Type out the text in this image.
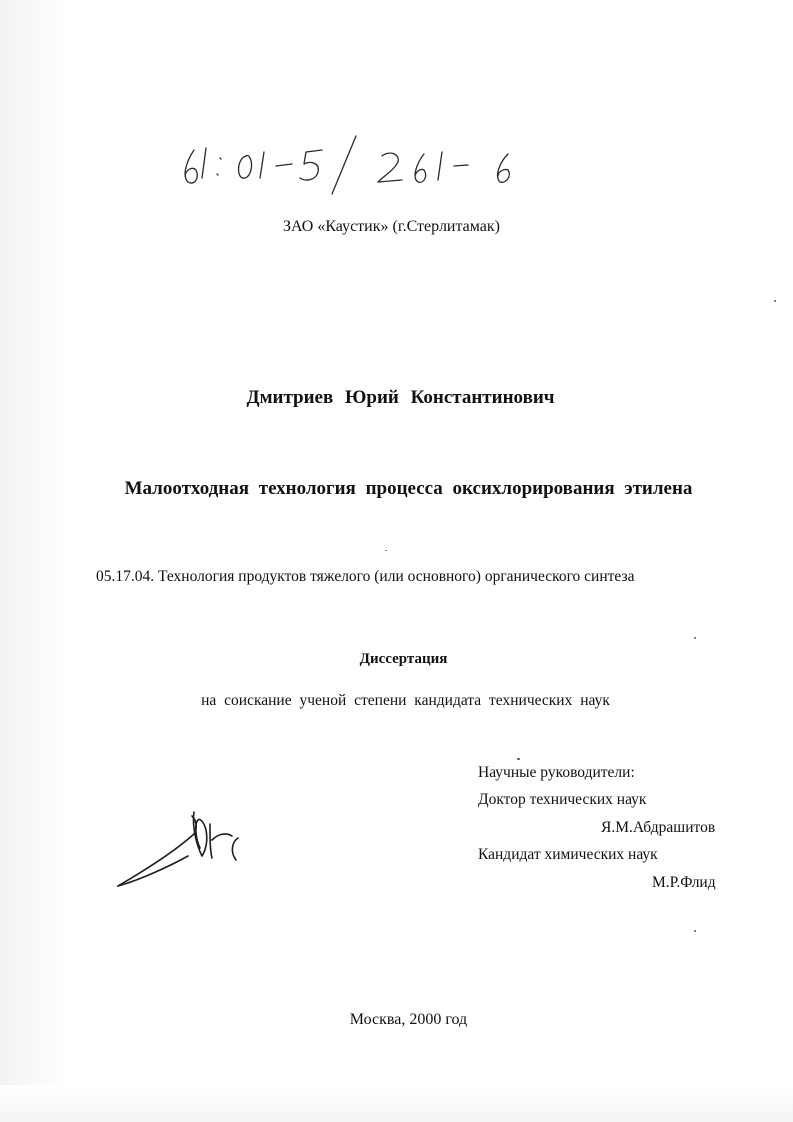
ЗАО «Каустик» (г.Стерлитамак)

Дмитриев Юрий Константинович

Малоотходная технология процесса оксихлорирования этилена

05.17.04. Технология продуктов тяжелого (или основного) органического синтеза

Диссертация

на соискание ученой степени кандидата технических наук

Научные руководители:

Доктор технических наук

Я.М.Абдрашитов

Кандидат химических наук

М.Р.Флид

Москва, 2000 год
